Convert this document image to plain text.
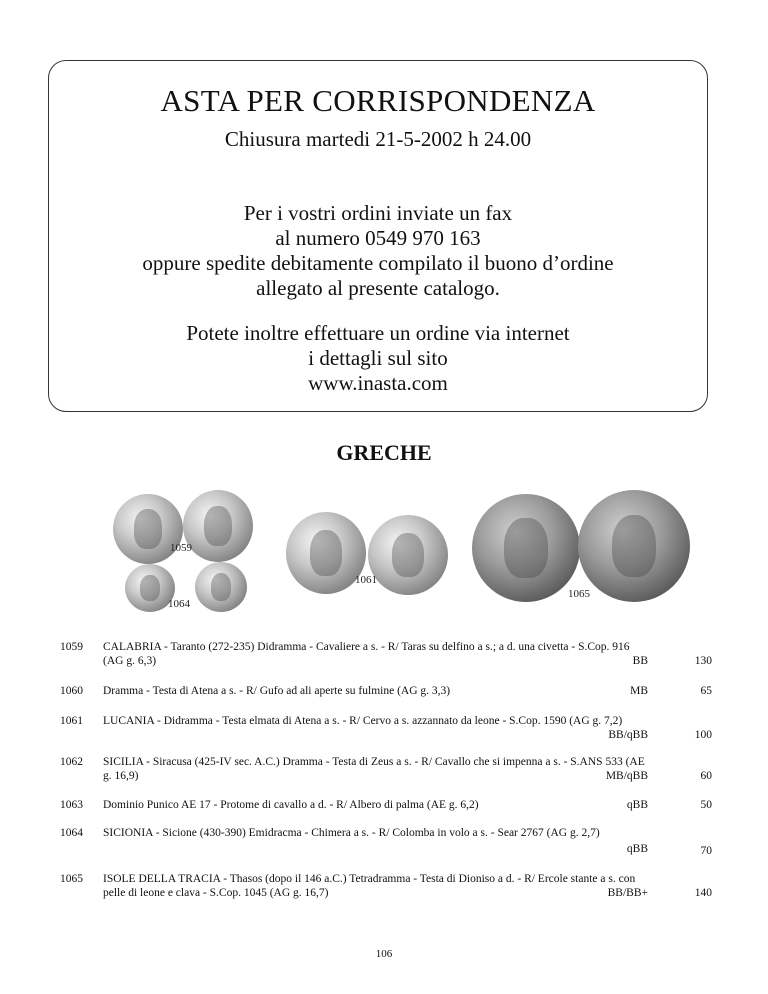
ASTA PER CORRISPONDENZA
Chiusura martedi 21-5-2002 h 24.00
Per i vostri ordini inviate un fax
al numero 0549 970 163
oppure spedite debitamente compilato il buono d’ordine
allegato al presente catalogo.
Potete inoltre effettuare un ordine via internet
i dettagli sul sito
www.inasta.com
GRECHE
1059
1064
1061
1065
1059 CALABRIA - Taranto (272-235) Didramma - Cavaliere a s. - R/ Taras su delfino a s.; a d. una civetta - S.Cop. 916
(AG g. 6,3)	BB	130
1060 Dramma - Testa di Atena a s. - R/ Gufo ad ali aperte su fulmine (AG g. 3,3)	MB	65
1061 LUCANIA - Didramma - Testa elmata di Atena a s. - R/ Cervo a s. azzannato da leone - S.Cop. 1590 (AG g. 7,2)
BB/qBB	100
1062 SICILIA - Siracusa (425-IV sec. A.C.) Dramma - Testa di Zeus a s. - R/ Cavallo che si impenna a s. - S.ANS 533 (AE
g. 16,9)	MB/qBB	60
1063 Dominio Punico AE 17 - Protome di cavallo a d. - R/ Albero di palma (AE g. 6,2)	qBB	50
1064 SICIONIA - Sicione (430-390) Emidracma - Chimera a s. - R/ Colomba in volo a s. - Sear 2767 (AG g. 2,7)
qBB	70
1065 ISOLE DELLA TRACIA - Thasos (dopo il 146 a.C.) Tetradramma - Testa di Dioniso a d. - R/ Ercole stante a s. con
pelle di leone e clava - S.Cop. 1045 (AG g. 16,7)	BB/BB+	140
106
